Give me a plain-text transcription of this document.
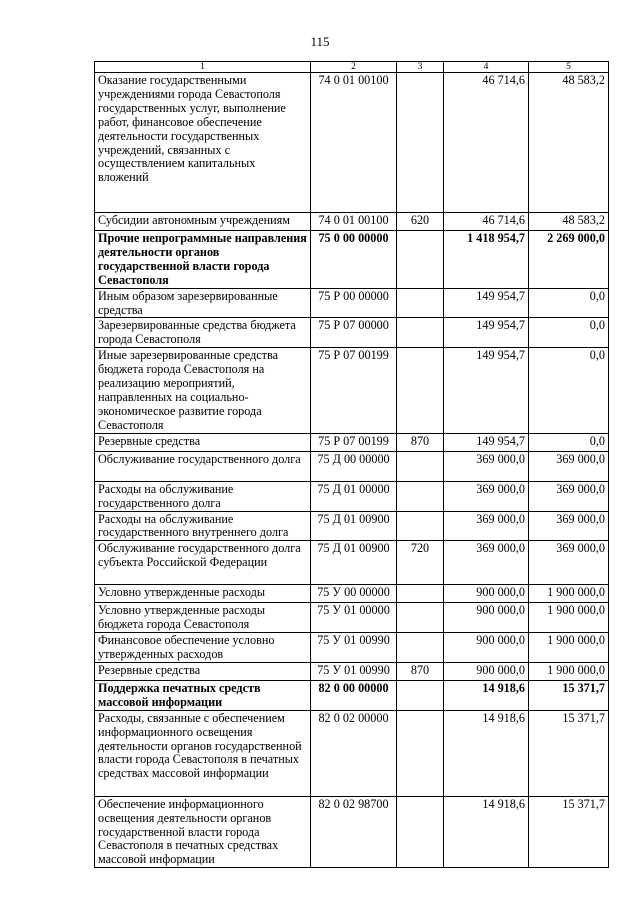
115
1	2	3	4	5
Оказание государственными учреждениями города Севастополя государственных услуг, выполнение работ, финансовое обеспечение деятельности государственных учреждений, связанных с осуществлением капитальных вложений	74 0 01 00100		46 714,6	48 583,2
Субсидии автономным учреждениям	74 0 01 00100	620	46 714,6	48 583,2
Прочие непрограммные направления деятельности органов государственной власти города Севастополя	75 0 00 00000		1 418 954,7	2 269 000,0
Иным образом зарезервированные средства	75 Р 00 00000		149 954,7	0,0
Зарезервированные средства бюджета города Севастополя	75 Р 07 00000		149 954,7	0,0
Иные зарезервированные средства бюджета города Севастополя на реализацию мероприятий, направленных на социально-экономическое развитие города Севастополя	75 Р 07 00199		149 954,7	0,0
Резервные средства	75 Р 07 00199	870	149 954,7	0,0
Обслуживание государственного долга	75 Д 00 00000		369 000,0	369 000,0
Расходы на обслуживание государственного долга	75 Д 01 00000		369 000,0	369 000,0
Расходы на обслуживание государственного внутреннего долга	75 Д 01 00900		369 000,0	369 000,0
Обслуживание государственного долга субъекта Российской Федерации	75 Д 01 00900	720	369 000,0	369 000,0
Условно утвержденные расходы	75 У 00 00000		900 000,0	1 900 000,0
Условно утвержденные расходы бюджета города Севастополя	75 У 01 00000		900 000,0	1 900 000,0
Финансовое обеспечение условно утвержденных расходов	75 У 01 00990		900 000,0	1 900 000,0
Резервные средства	75 У 01 00990	870	900 000,0	1 900 000,0
Поддержка печатных средств массовой информации	82 0 00 00000		14 918,6	15 371,7
Расходы, связанные с обеспечением информационного освещения деятельности органов государственной власти города Севастополя в печатных средствах массовой информации	82 0 02 00000		14 918,6	15 371,7
Обеспечение информационного освещения деятельности органов государственной власти города Севастополя в печатных средствах массовой информации	82 0 02 98700		14 918,6	15 371,7
